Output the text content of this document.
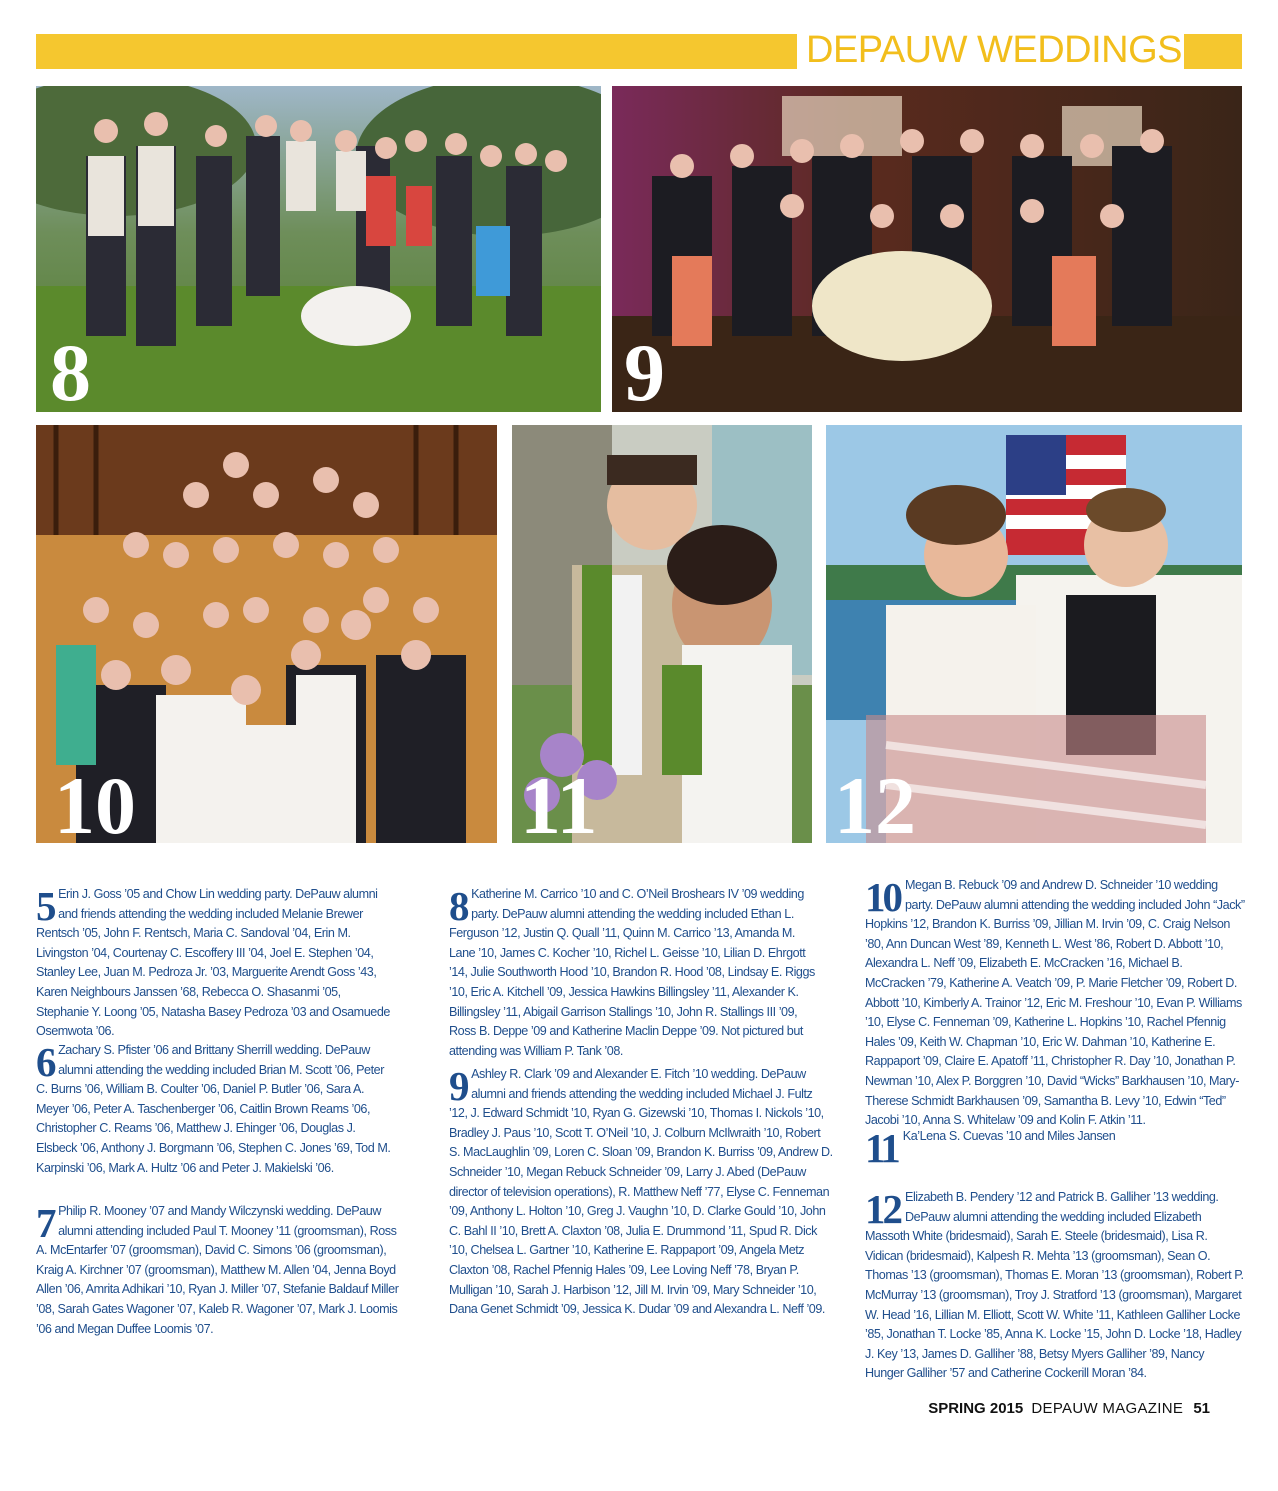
DEPAUW WEDDINGS
8	9
10	11	12
5 Erin J. Goss ’05 and Chow Lin wedding party. DePauw alumni and friends attending the wedding included Melanie Brewer Rentsch ’05, John F. Rentsch, Maria C. Sandoval ’04, Erin M. Livingston ’04, Courtenay C. Escoffery III ’04, Joel E. Stephen ’04, Stanley Lee, Juan M. Pedroza Jr. ’03, Marguerite Arendt Goss ’43, Karen Neighbours Janssen ’68, Rebecca O. Shasanmi ’05, Stephanie Y. Loong ’05, Natasha Basey Pedroza ’03 and Osamuede Osemwota ’06.
6 Zachary S. Pfister ’06 and Brittany Sherrill wedding. DePauw alumni attending the wedding included Brian M. Scott ’06, Peter C. Burns ’06, William B. Coulter ’06, Daniel P. Butler ’06, Sara A. Meyer ’06, Peter A. Taschenberger ’06, Caitlin Brown Reams ’06, Christopher C. Reams ’06, Matthew J. Ehinger ’06, Douglas J. Elsbeck ’06, Anthony J. Borgmann ’06, Stephen C. Jones ’69, Tod M. Karpinski ’06, Mark A. Hultz ’06 and Peter J. Makielski ’06.
7 Philip R. Mooney ’07 and Mandy Wilczynski wedding. DePauw alumni attending included Paul T. Mooney ’11 (groomsman), Ross A. McEntarfer ’07 (groomsman), David C. Simons ’06 (groomsman), Kraig A. Kirchner ’07 (groomsman), Matthew M. Allen ’04, Jenna Boyd Allen ’06, Amrita Adhikari ’10, Ryan J. Miller ’07, Stefanie Baldauf Miller ’08, Sarah Gates Wagoner ’07, Kaleb R. Wagoner ’07, Mark J. Loomis ’06 and Megan Duffee Loomis ’07.
8 Katherine M. Carrico ’10 and C. O’Neil Broshears IV ’09 wedding party. DePauw alumni attending the wedding included Ethan L. Ferguson ’12, Justin Q. Quall ’11, Quinn M. Carrico ’13, Amanda M. Lane ’10, James C. Kocher ’10, Richel L. Geisse ’10, Lilian D. Ehrgott ’14, Julie Southworth Hood ’10, Brandon R. Hood ’08, Lindsay E. Riggs ’10, Eric A. Kitchell ’09, Jessica Hawkins Billingsley ’11, Alexander K. Billingsley ’11, Abigail Garrison Stallings ’10, John R. Stallings III ’09, Ross B. Deppe ’09 and Katherine Maclin Deppe ’09. Not pictured but attending was William P. Tank ’08.
9 Ashley R. Clark ’09 and Alexander E. Fitch ’10 wedding. DePauw alumni and friends attending the wedding included Michael J. Fultz ’12, J. Edward Schmidt ’10, Ryan G. Gizewski ’10, Thomas I. Nickols ’10, Bradley J. Paus ’10, Scott T. O’Neil ’10, J. Colburn McIlwraith ’10, Robert S. MacLaughlin ’09, Loren C. Sloan ’09, Brandon K. Burriss ’09, Andrew D. Schneider ’10, Megan Rebuck Schneider ’09, Larry J. Abed (DePauw director of television operations), R. Matthew Neff ’77, Elyse C. Fenneman ’09, Anthony L. Holton ’10, Greg J. Vaughn ’10, D. Clarke Gould ’10, John C. Bahl II ’10, Brett A. Claxton ’08, Julia E. Drummond ’11, Spud R. Dick ’10, Chelsea L. Gartner ’10, Katherine E. Rappaport ’09, Angela Metz Claxton ’08, Rachel Pfennig Hales ’09, Lee Loving Neff ’78, Bryan P. Mulligan ’10, Sarah J. Harbison ’12, Jill M. Irvin ’09, Mary Schneider ’10, Dana Genet Schmidt ’09, Jessica K. Dudar ’09 and Alexandra L. Neff ’09.
10 Megan B. Rebuck ’09 and Andrew D. Schneider ’10 wedding party. DePauw alumni attending the wedding included John “Jack” Hopkins ’12, Brandon K. Burriss ’09, Jillian M. Irvin ’09, C. Craig Nelson ’80, Ann Duncan West ’89, Kenneth L. West ’86, Robert D. Abbott ’10, Alexandra L. Neff ’09, Elizabeth E. McCracken ’16, Michael B. McCracken ’79, Katherine A. Veatch ’09, P. Marie Fletcher ’09, Robert D. Abbott ’10, Kimberly A. Trainor ’12, Eric M. Freshour ’10, Evan P. Williams ’10, Elyse C. Fenneman ’09, Katherine L. Hopkins ’10, Rachel Pfennig Hales ’09, Keith W. Chapman ’10, Eric W. Dahman ’10, Katherine E. Rappaport ’09, Claire E. Apatoff ’11, Christopher R. Day ’10, Jonathan P. Newman ’10, Alex P. Borggren ’10, David “Wicks” Barkhausen ’10, Mary-Therese Schmidt Barkhausen ’09, Samantha B. Levy ’10, Edwin “Ted” Jacobi ’10, Anna S. Whitelaw ’09 and Kolin F. Atkin ’11.
11 Ka’Lena S. Cuevas ’10 and Miles Jansen
12 Elizabeth B. Pendery ’12 and Patrick B. Galliher ’13 wedding. DePauw alumni attending the wedding included Elizabeth Massoth White (bridesmaid), Sarah E. Steele (bridesmaid), Lisa R. Vidican (bridesmaid), Kalpesh R. Mehta ’13 (groomsman), Sean O. Thomas ’13 (groomsman), Thomas E. Moran ’13 (groomsman), Robert P. McMurray ’13 (groomsman), Troy J. Stratford ’13 (groomsman), Margaret W. Head ’16, Lillian M. Elliott, Scott W. White ’11, Kathleen Galliher Locke ’85, Jonathan T. Locke ’85, Anna K. Locke ’15, John D. Locke ’18, Hadley J. Key ’13, James D. Galliher ’88, Betsy Myers Galliher ’89, Nancy Hunger Galliher ’57 and Catherine Cockerill Moran ’84.
SPRING 2015 DEPAUW MAGAZINE 51
